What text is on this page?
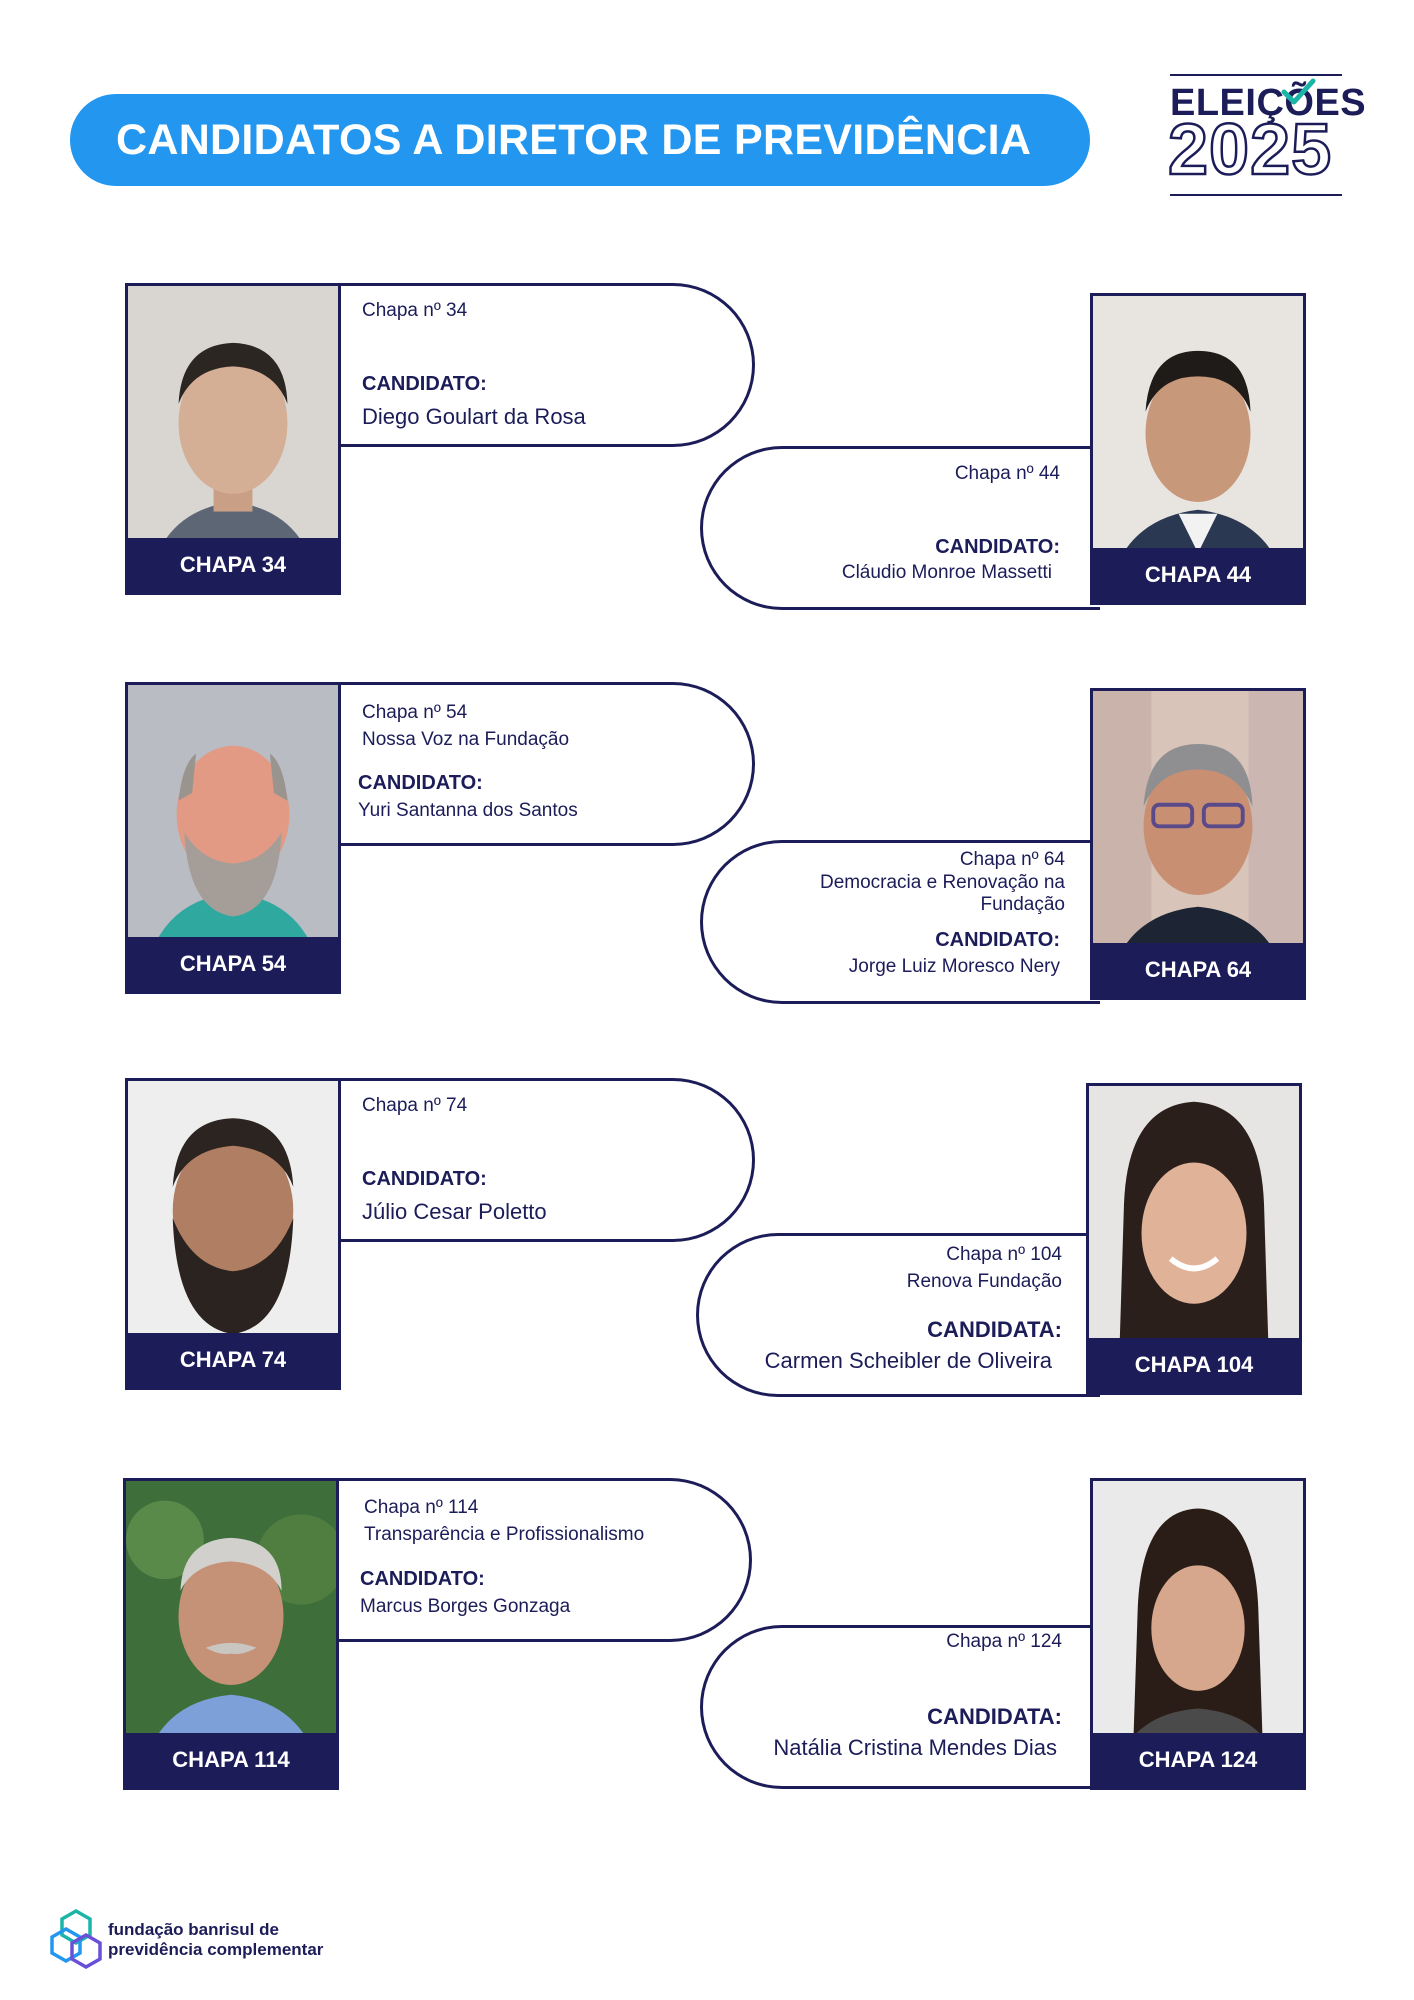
CANDIDATOS A DIRETOR DE PREVIDÊNCIA
ELEIÇÕES
2025
CHAPA 34
Chapa nº 34
CANDIDATO:
Diego Goulart da Rosa
CHAPA 44
Chapa nº 44
CANDIDATO:
Cláudio Monroe Massetti
CHAPA 54
Chapa nº 54
Nossa Voz na Fundação
CANDIDATO:
Yuri Santanna dos Santos
CHAPA 64
Chapa nº 64
Democracia e Renovação na
Fundação
CANDIDATO:
Jorge Luiz Moresco Nery
CHAPA 74
Chapa nº 74
CANDIDATO:
Júlio Cesar Poletto
CHAPA 104
Chapa nº 104
Renova Fundação
CANDIDATA:
Carmen Scheibler de Oliveira
CHAPA 114
Chapa nº 114
Transparência e Profissionalismo
CANDIDATO:
Marcus Borges Gonzaga
CHAPA 124
Chapa nº 124
CANDIDATA:
Natália Cristina Mendes Dias
fundação banrisul de
previdência complementar
